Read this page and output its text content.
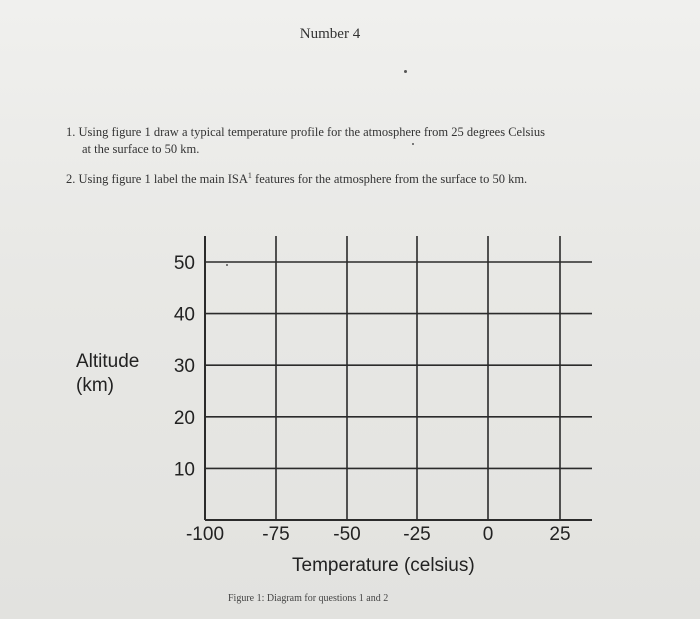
Number 4
1. Using figure 1 draw a typical temperature profile for the atmosphere from 25 degrees Celsius
at the surface to 50 km.
2. Using figure 1 label the main ISA$^1$ features for the atmosphere from the surface to 50 km.
10
20
30
40
50
-100 -75 -50 -25	0	25
Altitude
(km)
Temperature (celsius)
Figure 1: Diagram for questions 1 and 2
